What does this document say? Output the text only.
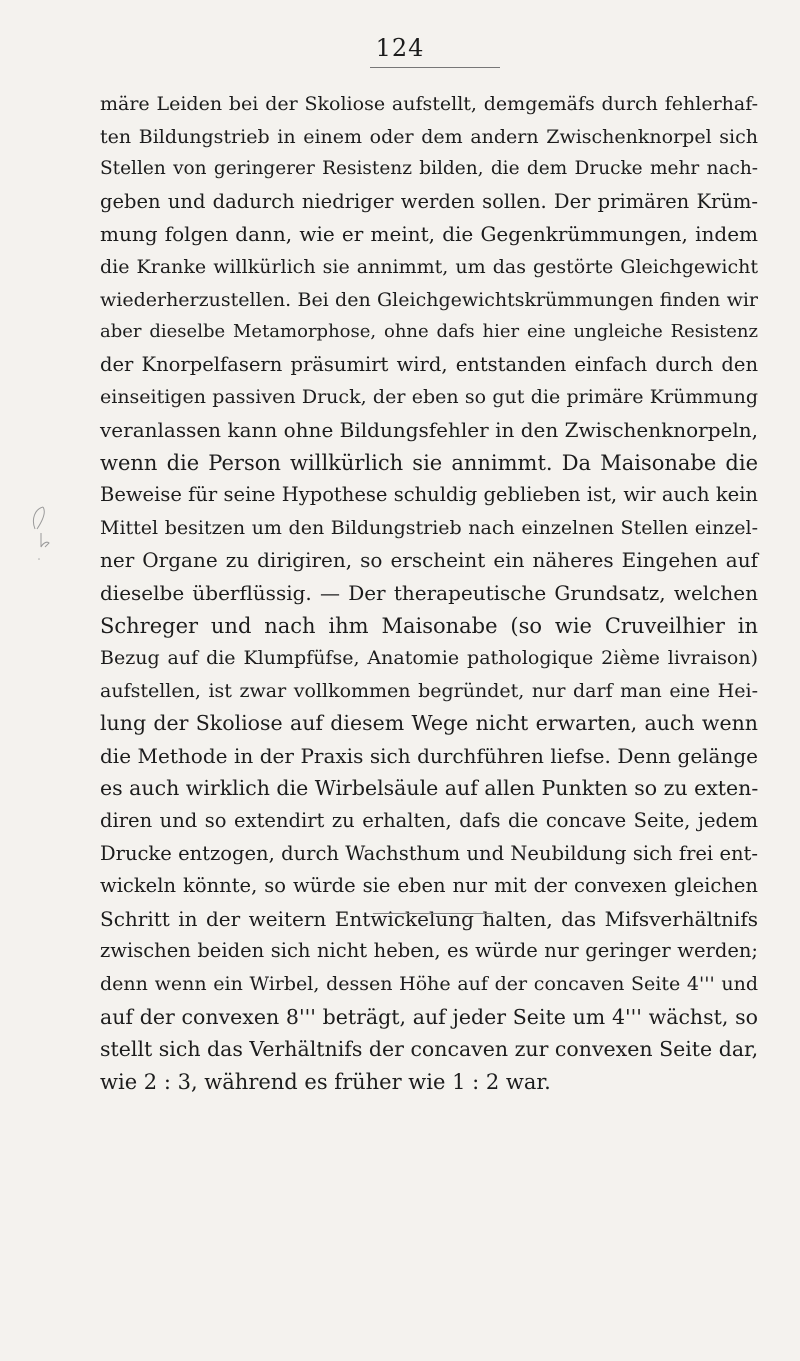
124
märe Leiden bei der Skoliose aufstellt, demgemäfs durch fehlerhaf-
ten Bildungstrieb in einem oder dem andern Zwischenknorpel sich
Stellen von geringerer Resistenz bilden, die dem Drucke mehr nach-
geben und dadurch niedriger werden sollen. Der primären Krüm-
mung folgen dann, wie er meint, die Gegenkrümmungen, indem
die Kranke willkürlich sie annimmt, um das gestörte Gleichgewicht
wiederherzustellen. Bei den Gleichgewichtskrümmungen finden wir
aber dieselbe Metamorphose, ohne dafs hier eine ungleiche Resistenz
der Knorpelfasern präsumirt wird, entstanden einfach durch den
einseitigen passiven Druck, der eben so gut die primäre Krümmung
veranlassen kann ohne Bildungsfehler in den Zwischenknorpeln,
wenn die Person willkürlich sie annimmt. Da Maisonabe die
Beweise für seine Hypothese schuldig geblieben ist, wir auch kein
Mittel besitzen um den Bildungstrieb nach einzelnen Stellen einzel-
ner Organe zu dirigiren, so erscheint ein näheres Eingehen auf
dieselbe überflüssig. — Der therapeutische Grundsatz, welchen
Schreger und nach ihm Maisonabe (so wie Cruveilhier in
Bezug auf die Klumpfüfse, Anatomie pathologique 2ième livraison)
aufstellen, ist zwar vollkommen begründet, nur darf man eine Hei-
lung der Skoliose auf diesem Wege nicht erwarten, auch wenn
die Methode in der Praxis sich durchführen liefse. Denn gelänge
es auch wirklich die Wirbelsäule auf allen Punkten so zu exten-
diren und so extendirt zu erhalten, dafs die concave Seite, jedem
Drucke entzogen, durch Wachsthum und Neubildung sich frei ent-
wickeln könnte, so würde sie eben nur mit der convexen gleichen
Schritt in der weitern Entwickelung halten, das Mifsverhältnifs
zwischen beiden sich nicht heben, es würde nur geringer werden;
denn wenn ein Wirbel, dessen Höhe auf der concaven Seite 4''' und
auf der convexen 8''' beträgt, auf jeder Seite um 4''' wächst, so
stellt sich das Verhältnifs der concaven zur convexen Seite dar,
wie 2 : 3, während es früher wie 1 : 2 war.
